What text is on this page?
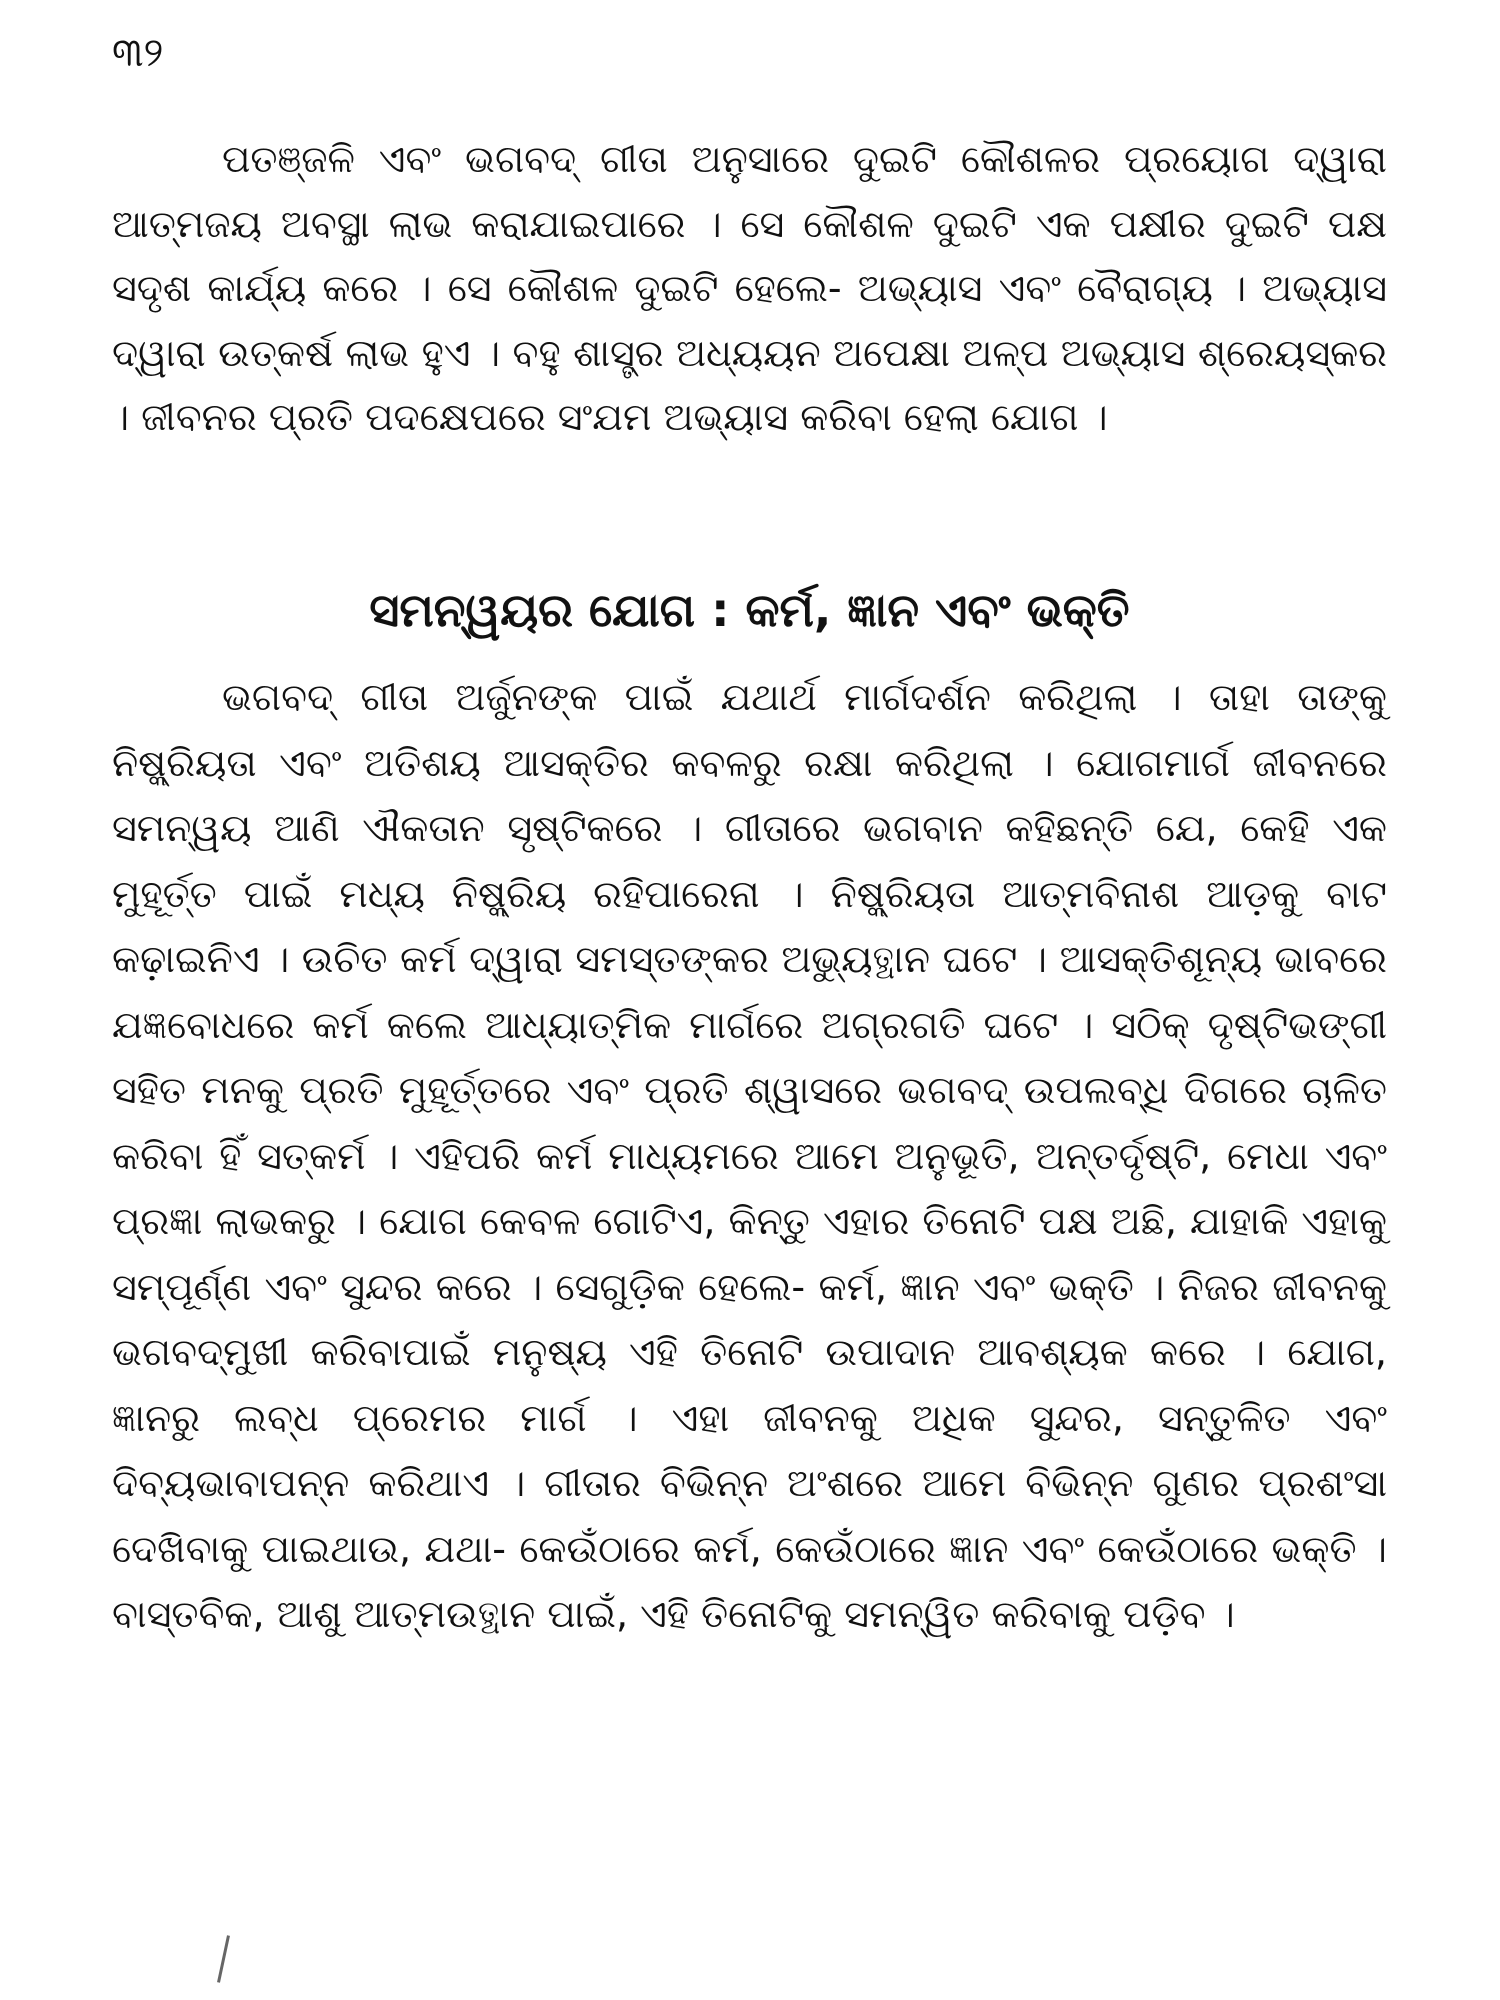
୩୨

ପତଞ୍ଜଳି ଏବଂ ଭଗବଦ୍ ଗୀତା ଅନୁସାରେ ଦୁଇଟି କୌଶଳର ପ୍ରୟୋଗ ଦ୍ୱାରା ଆତ୍ମଜୟ ଅବସ୍ଥା ଲାଭ କରାଯାଇପାରେ । ସେ କୌଶଳ ଦୁଇଟି ଏକ ପକ୍ଷୀର ଦୁଇଟି ପକ୍ଷ ସଦୃଶ କାର୍ଯ୍ୟ କରେ । ସେ କୌଶଳ ଦୁଇଟି ହେଲେ- ଅଭ୍ୟାସ ଏବଂ ବୈରାଗ୍ୟ । ଅଭ୍ୟାସ ଦ୍ୱାରା ଉତ୍କର୍ଷ ଲାଭ ହୁଏ । ବହୁ ଶାସ୍ତ୍ର ଅଧ୍ୟୟନ ଅପେକ୍ଷା ଅଳ୍ପ ଅଭ୍ୟାସ ଶ୍ରେୟସ୍କର । ଜୀବନର ପ୍ରତି ପଦକ୍ଷେପରେ ସଂଯମ ଅଭ୍ୟାସ କରିବା ହେଲା ଯୋଗ ।

ସମନ୍ୱୟର ଯୋଗ : କର୍ମ, ଜ୍ଞାନ ଏବଂ ଭକ୍ତି

ଭଗବଦ୍ ଗୀତା ଅର୍ଜୁନଙ୍କ ପାଇଁ ଯଥାର୍ଥ ମାର୍ଗଦର୍ଶନ କରିଥିଲା । ତାହା ତାଙ୍କୁ ନିଷ୍କ୍ରିୟତା ଏବଂ ଅତିଶୟ ଆସକ୍ତିର କବଳରୁ ରକ୍ଷା କରିଥିଲା । ଯୋଗମାର୍ଗ ଜୀବନରେ ସମନ୍ୱୟ ଆଣି ଐକତାନ ସୃଷ୍ଟିକରେ । ଗୀତାରେ ଭଗବାନ କହିଛନ୍ତି ଯେ, କେହି ଏକ ମୁହୂର୍ତ୍ତ ପାଇଁ ମଧ୍ୟ ନିଷ୍କ୍ରିୟ ରହିପାରେନା । ନିଷ୍କ୍ରିୟତା ଆତ୍ମବିନାଶ ଆଡ଼କୁ ବାଟ କଢ଼ାଇନିଏ । ଉଚିତ କର୍ମ ଦ୍ୱାରା ସମସ୍ତଙ୍କର ଅଭ୍ୟୁତ୍ଥାନ ଘଟେ । ଆସକ୍ତିଶୂନ୍ୟ ଭାବରେ ଯଜ୍ଞବୋଧରେ କର୍ମ କଲେ ଆଧ୍ୟାତ୍ମିକ ମାର୍ଗରେ ଅଗ୍ରଗତି ଘଟେ । ସଠିକ୍ ଦୃଷ୍ଟିଭଙ୍ଗୀ ସହିତ ମନକୁ ପ୍ରତି ମୁହୂର୍ତ୍ତରେ ଏବଂ ପ୍ରତି ଶ୍ୱାସରେ ଭଗବଦ୍ ଉପଲବ୍ଧି ଦିଗରେ ଚାଳିତ କରିବା ହିଁ ସତ୍‌କର୍ମ । ଏହିପରି କର୍ମ ମାଧ୍ୟମରେ ଆମେ ଅନୁଭୂତି, ଅନ୍ତର୍ଦୃଷ୍ଟି, ମେଧା ଏବଂ ପ୍ରଜ୍ଞା ଲାଭକରୁ । ଯୋଗ କେବଳ ଗୋଟିଏ, କିନ୍ତୁ ଏହାର ତିନୋଟି ପକ୍ଷ ଅଛି, ଯାହାକି ଏହାକୁ ସମ୍ପୂର୍ଣ୍ଣ ଏବଂ ସୁନ୍ଦର କରେ । ସେଗୁଡ଼ିକ ହେଲେ- କର୍ମ, ଜ୍ଞାନ ଏବଂ ଭକ୍ତି । ନିଜର ଜୀବନକୁ ଭଗବଦ୍‌ମୁଖୀ କରିବାପାଇଁ ମନୁଷ୍ୟ ଏହି ତିନୋଟି ଉପାଦାନ ଆବଶ୍ୟକ କରେ । ଯୋଗ, ଜ୍ଞାନରୁ ଲବ୍ଧ ପ୍ରେମର ମାର୍ଗ । ଏହା ଜୀବନକୁ ଅଧିକ ସୁନ୍ଦର, ସନ୍ତୁଳିତ ଏବଂ ଦିବ୍ୟଭାବାପନ୍ନ କରିଥାଏ । ଗୀତାର ବିଭିନ୍ନ ଅଂଶରେ ଆମେ ବିଭିନ୍ନ ଗୁଣର ପ୍ରଶଂସା ଦେଖିବାକୁ ପାଇଥାଉ, ଯଥା- କେଉଁଠାରେ କର୍ମ, କେଉଁଠାରେ ଜ୍ଞାନ ଏବଂ କେଉଁଠାରେ ଭକ୍ତି । ବାସ୍ତବିକ, ଆଶୁ ଆତ୍ମଉତ୍ଥାନ ପାଇଁ, ଏହି ତିନୋଟିକୁ ସମନ୍ୱିତ କରିବାକୁ ପଡ଼ିବ ।
